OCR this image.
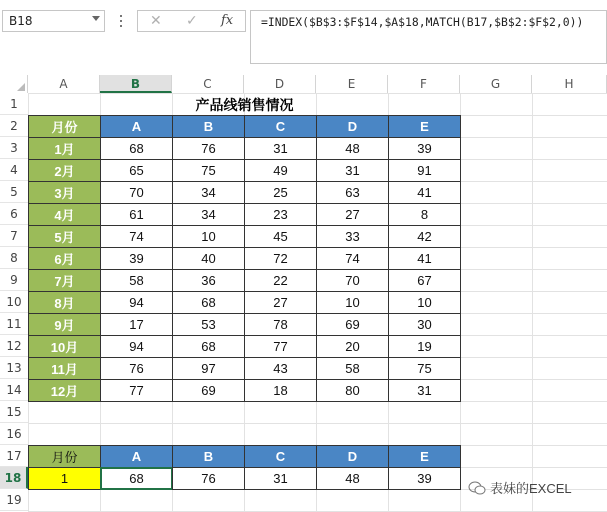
B18	✕ ✓ fx =INDEX($B$3:$F$14,$A$18,MATCH(B17,$B$2:$F$2,0))
A	B	C	D	E	F	G	H
1
2
3
4
5
6
7
8
9
10
11
12
13
14
15
16
17
18
19
产品线销售情况
月份	A	B	C	D	E
1月	68	76	31	48	39
2月	65	75	49	31	91
3月	70	34	25	63	41
4月	61	34	23	27	8
5月	74	10	45	33	42
6月	39	40	72	74	41
7月	58	36	22	70	67
8月	94	68	27	10	10
9月	17	53	78	69	30
10月	94	68	77	20	19
11月	76	97	43	58	75
12月	77	69	18	80	31
月份	A	B	C	D	E
1	68	76	31	48	39
表妹的EXCEL
